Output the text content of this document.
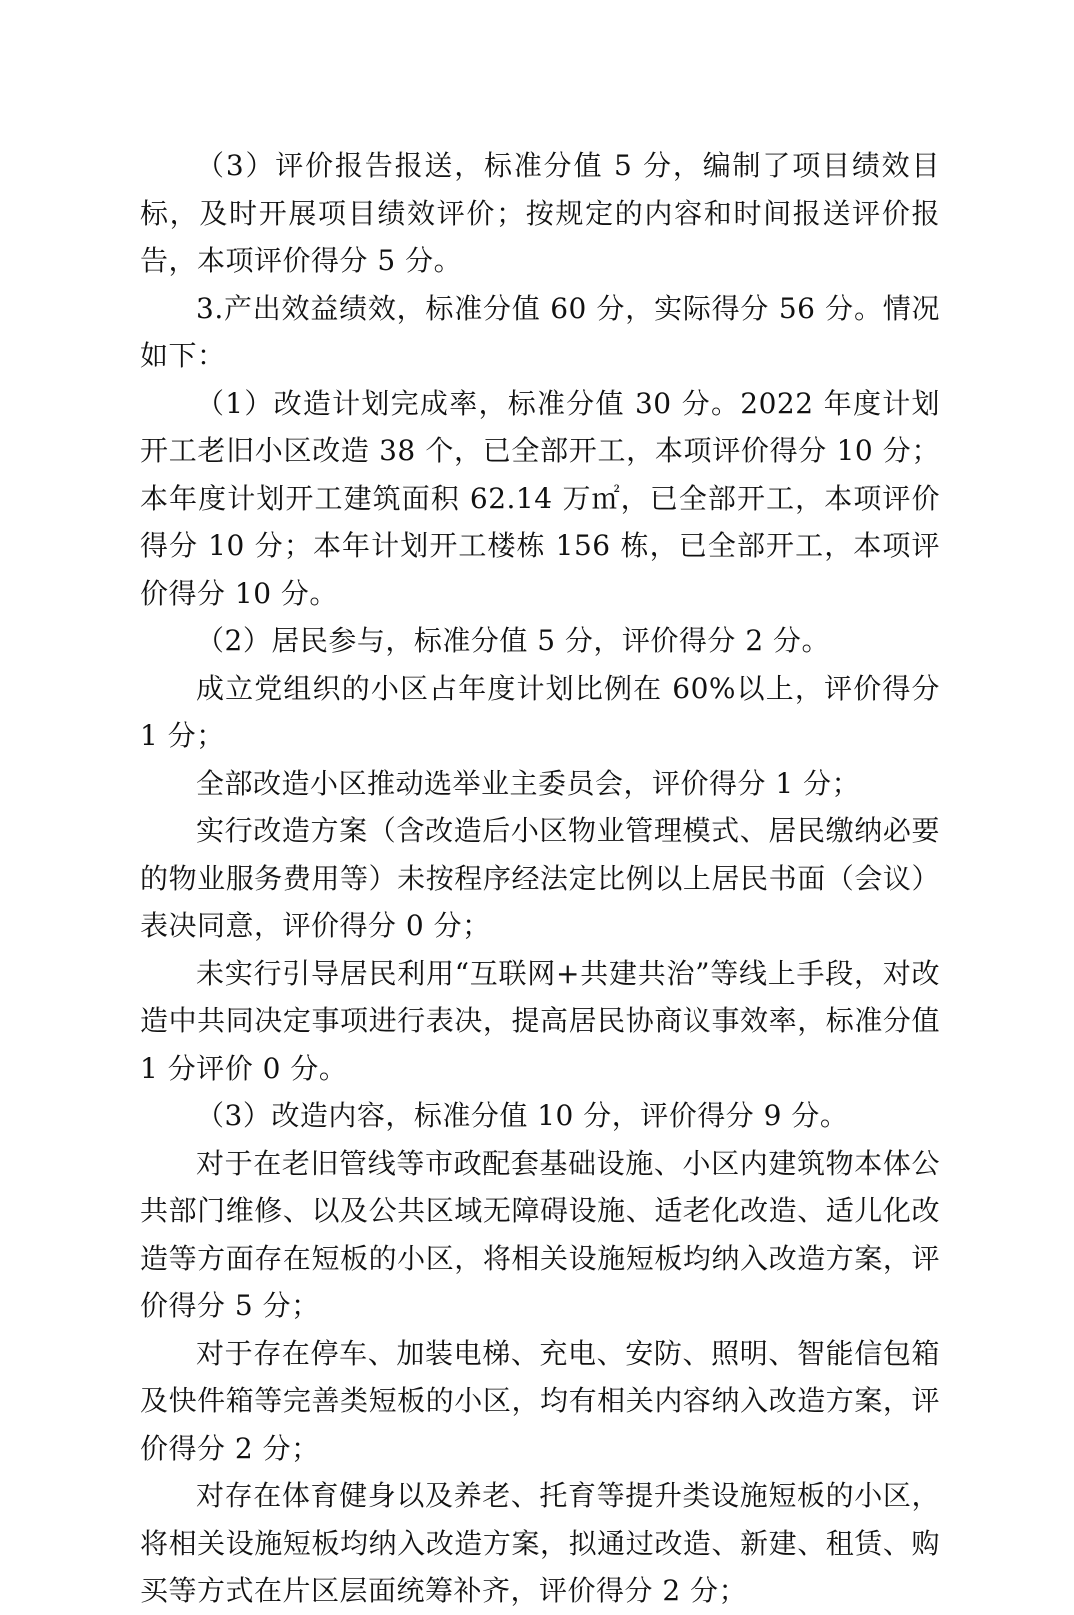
（3）评价报告报送，标准分值 5 分，编制了项目绩效目标，及时开展项目绩效评价；按规定的内容和时间报送评价报告，本项评价得分 5 分。

3.产出效益绩效，标准分值 60 分，实际得分 56 分。情况如下：

（1）改造计划完成率，标准分值 30 分。2022 年度计划开工老旧小区改造 38 个，已全部开工，本项评价得分 10 分；本年度计划开工建筑面积 62.14 万㎡，已全部开工，本项评价得分 10 分；本年计划开工楼栋 156 栋，已全部开工，本项评价得分 10 分。

（2）居民参与，标准分值 5 分，评价得分 2 分。

成立党组织的小区占年度计划比例在 60%以上，评价得分 1 分；

全部改造小区推动选举业主委员会，评价得分 1 分；

实行改造方案（含改造后小区物业管理模式、居民缴纳必要的物业服务费用等）未按程序经法定比例以上居民书面（会议）表决同意，评价得分 0 分；

未实行引导居民利用“互联网+共建共治”等线上手段，对改造中共同决定事项进行表决，提高居民协商议事效率，标准分值 1 分评价 0 分。

（3）改造内容，标准分值 10 分，评价得分 9 分。

对于在老旧管线等市政配套基础设施、小区内建筑物本体公共部门维修、以及公共区域无障碍设施、适老化改造、适儿化改造等方面存在短板的小区，将相关设施短板均纳入改造方案，评价得分 5 分；

对于存在停车、加装电梯、充电、安防、照明、智能信包箱及快件箱等完善类短板的小区，均有相关内容纳入改造方案，评价得分 2 分；

对存在体育健身以及养老、托育等提升类设施短板的小区，将相关设施短板均纳入改造方案，拟通过改造、新建、租赁、购买等方式在片区层面统筹补齐，评价得分 2 分；
